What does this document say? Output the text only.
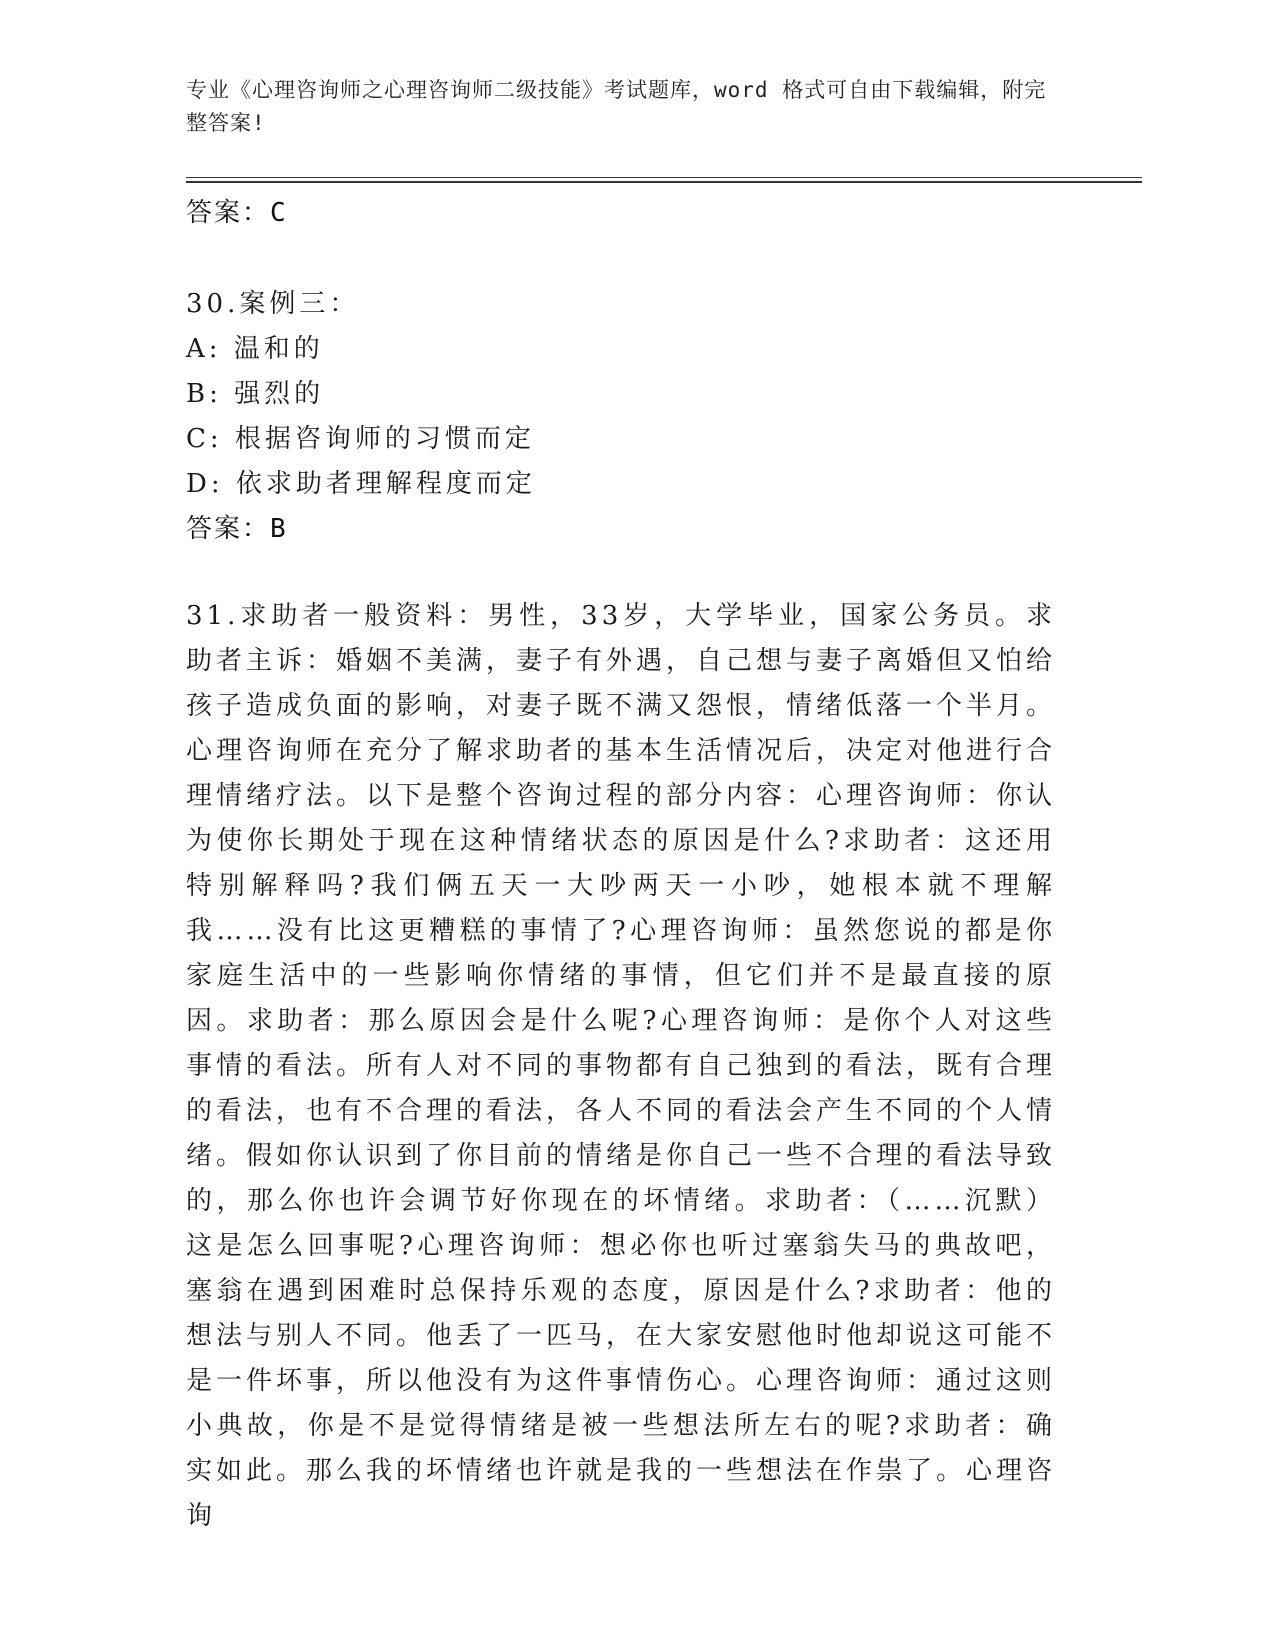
专业《心理咨询师之心理咨询师二级技能》考试题库，word 格式可自由下载编辑，附完整答案!
答案：C
30.案例三：
A: 温和的
B: 强烈的
C: 根据咨询师的习惯而定
D: 依求助者理解程度而定
答案：B
31.求助者一般资料：男性，33岁，大学毕业，国家公务员。求助者主诉：婚姻不美满，妻子有外遇，自己想与妻子离婚但又怕给孩子造成负面的影响，对妻子既不满又怨恨，情绪低落一个半月。心理咨询师在充分了解求助者的基本生活情况后，决定对他进行合理情绪疗法。以下是整个咨询过程的部分内容：心理咨询师：你认为使你长期处于现在这种情绪状态的原因是什么?求助者：这还用特别解释吗?我们俩五天一大吵两天一小吵，她根本就不理解我……没有比这更糟糕的事情了?心理咨询师：虽然您说的都是你家庭生活中的一些影响你情绪的事情，但它们并不是最直接的原因。求助者：那么原因会是什么呢?心理咨询师：是你个人对这些事情的看法。所有人对不同的事物都有自己独到的看法，既有合理的看法，也有不合理的看法，各人不同的看法会产生不同的个人情绪。假如你认识到了你目前的情绪是你自己一些不合理的看法导致的，那么你也许会调节好你现在的坏情绪。求助者：（……沉默）这是怎么回事呢?心理咨询师：想必你也听过塞翁失马的典故吧，塞翁在遇到困难时总保持乐观的态度，原因是什么?求助者：他的想法与别人不同。他丢了一匹马，在大家安慰他时他却说这可能不是一件坏事，所以他没有为这件事情伤心。心理咨询师：通过这则小典故，你是不是觉得情绪是被一些想法所左右的呢?求助者：确实如此。那么我的坏情绪也许就是我的一些想法在作祟了。心理咨询
